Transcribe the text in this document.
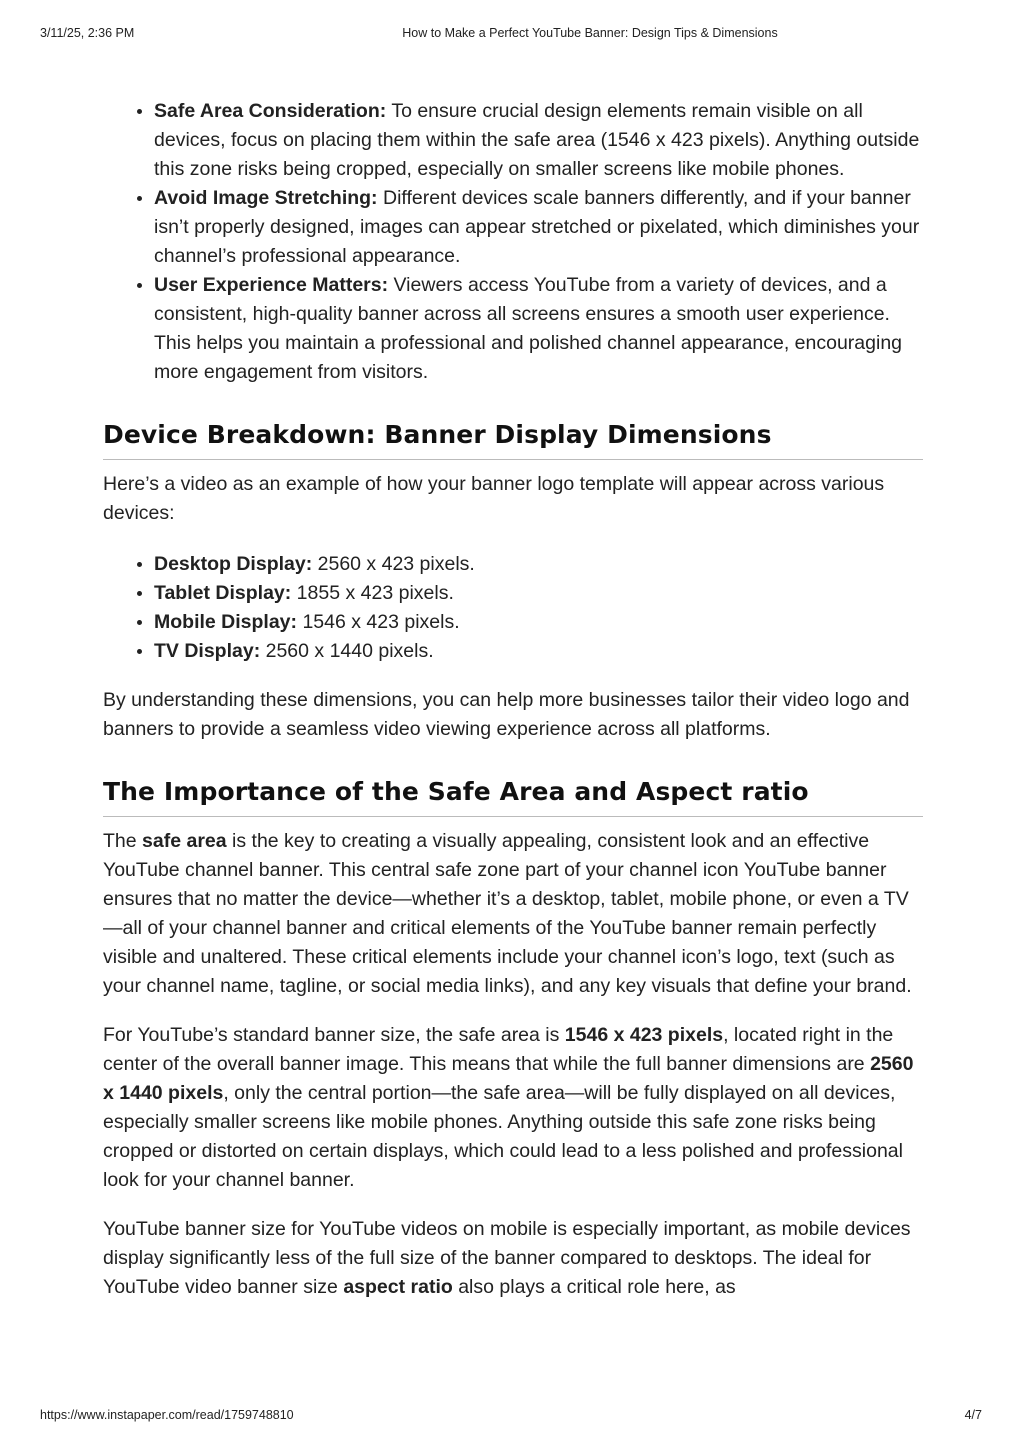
3/11/25, 2:36 PM	How to Make a Perfect YouTube Banner: Design Tips & Dimensions
• Safe Area Consideration: To ensure crucial design elements remain visible on all devices, focus on placing them within the safe area (1546 x 423 pixels). Anything outside this zone risks being cropped, especially on smaller screens like mobile phones.
• Avoid Image Stretching: Different devices scale banners differently, and if your banner isn’t properly designed, images can appear stretched or pixelated, which diminishes your channel’s professional appearance.
• User Experience Matters: Viewers access YouTube from a variety of devices, and a consistent, high-quality banner across all screens ensures a smooth user experience. This helps you maintain a professional and polished channel appearance, encouraging more engagement from visitors.
Device Breakdown: Banner Display Dimensions

Here’s a video as an example of how your banner logo template will appear across various devices:

• Desktop Display: 2560 x 423 pixels.
• Tablet Display: 1855 x 423 pixels.
• Mobile Display: 1546 x 423 pixels.
• TV Display: 2560 x 1440 pixels.

By understanding these dimensions, you can help more businesses tailor their video logo and banners to provide a seamless video viewing experience across all platforms.

The Importance of the Safe Area and Aspect ratio

The safe area is the key to creating a visually appealing, consistent look and an effective YouTube channel banner. This central safe zone part of your channel icon YouTube banner ensures that no matter the device—whether it’s a desktop, tablet, mobile phone, or even a TV—all of your channel banner and critical elements of the YouTube banner remain perfectly visible and unaltered. These critical elements include your channel icon’s logo, text (such as your channel name, tagline, or social media links), and any key visuals that define your brand.

For YouTube’s standard banner size, the safe area is 1546 x 423 pixels, located right in the center of the overall banner image. This means that while the full banner dimensions are 2560 x 1440 pixels, only the central portion—the safe area—will be fully displayed on all devices, especially smaller screens like mobile phones. Anything outside this safe zone risks being cropped or distorted on certain displays, which could lead to a less polished and professional look for your channel banner.

YouTube banner size for YouTube videos on mobile is especially important, as mobile devices display significantly less of the full size of the banner compared to desktops. The ideal for YouTube video banner size aspect ratio also plays a critical role here, as

https://www.instapaper.com/read/1759748810	4/7
